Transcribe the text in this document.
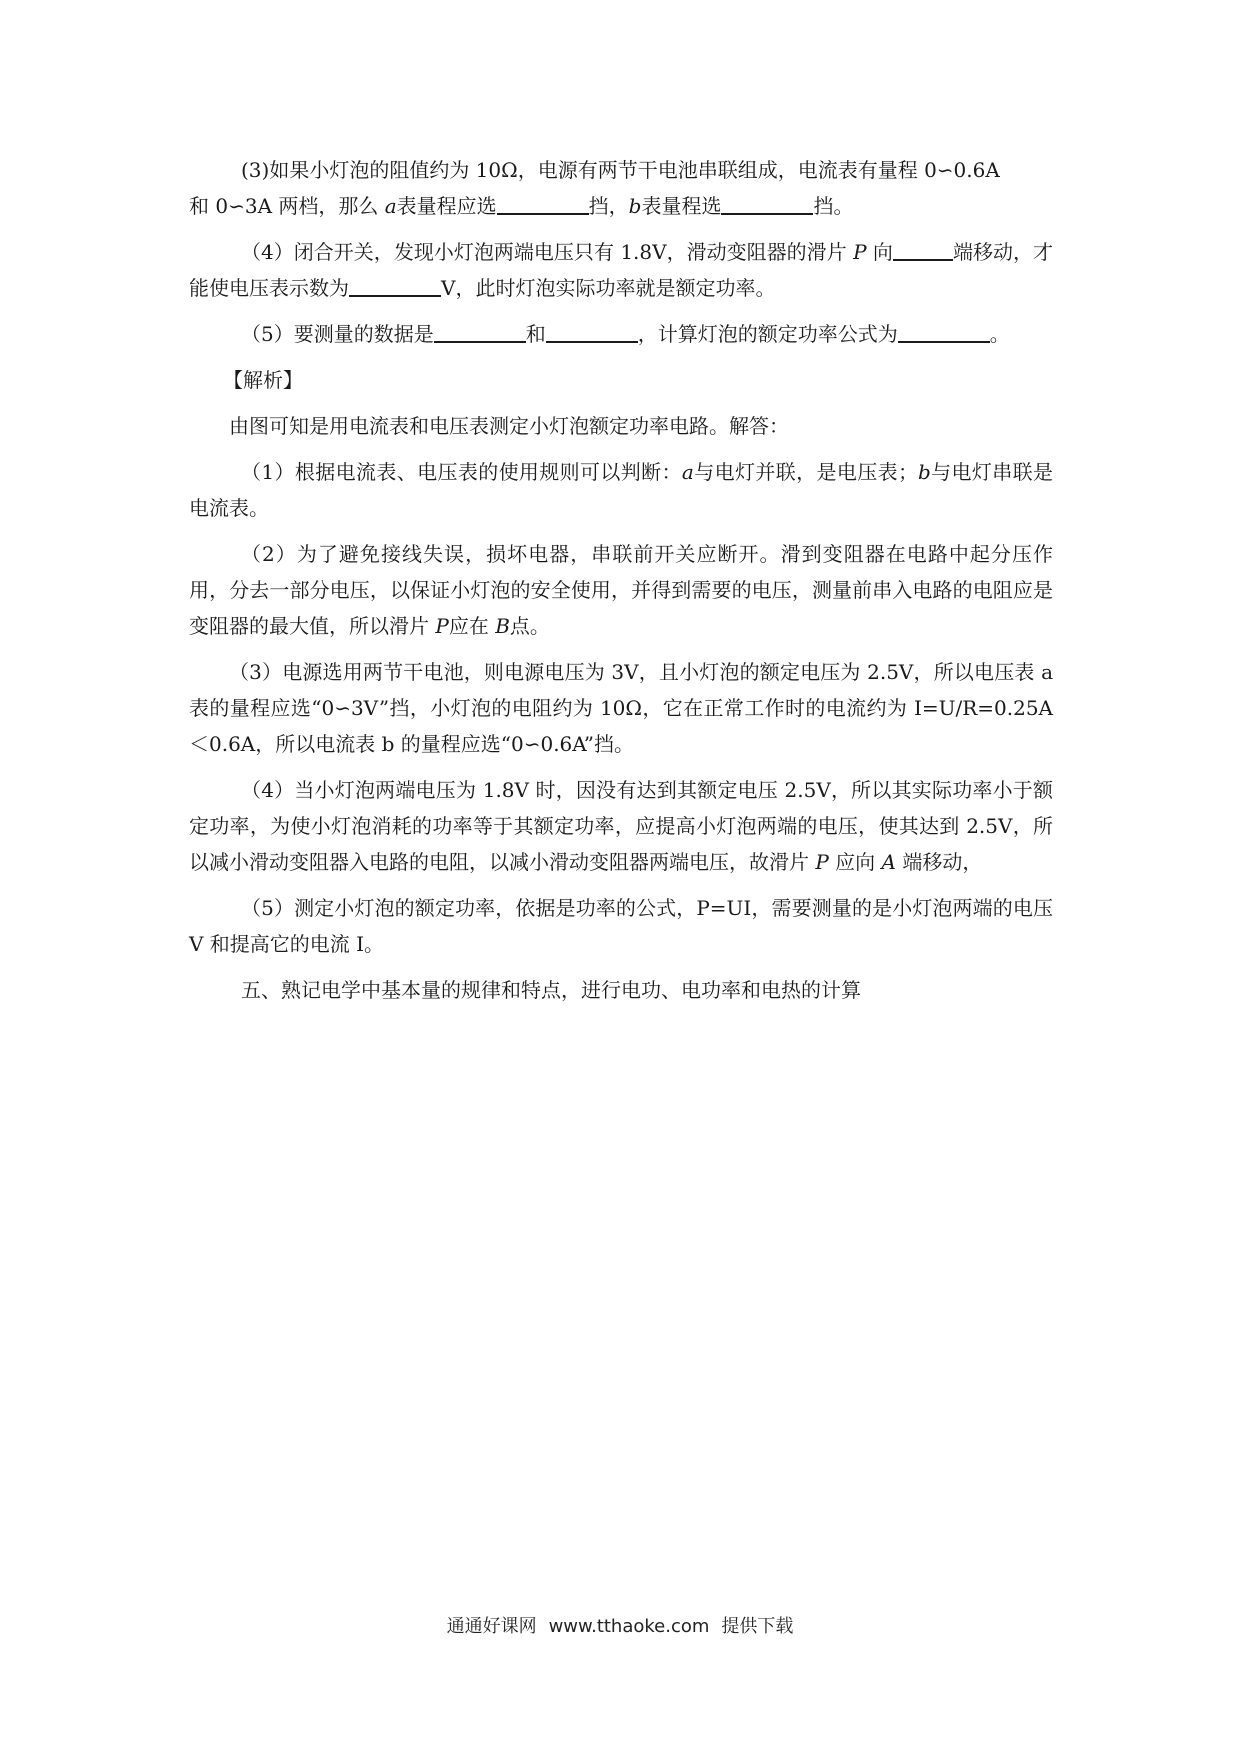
(3)如果小灯泡的阻值约为 10Ω，电源有两节干电池串联组成，电流表有量程 0∽0.6A
和 0∽3A 两档，那么 a表量程应选	挡，b表量程选	挡。

（4）闭合开关，发现小灯泡两端电压只有 1.8V，滑动变阻器的滑片 P 向	端移动，才能使电压表示数为	V，此时灯泡实际功率就是额定功率。

（5）要测量的数据是	和	，计算灯泡的额定功率公式为	。

【解析】

由图可知是用电流表和电压表测定小灯泡额定功率电路。解答：

（1）根据电流表、电压表的使用规则可以判断：a与电灯并联，是电压表；b与电灯串联是电流表。

（2）为了避免接线失误，损坏电器，串联前开关应断开。滑到变阻器在电路中起分压作用，分去一部分电压，以保证小灯泡的安全使用，并得到需要的电压，测量前串入电路的电阻应是变阻器的最大值，所以滑片 P应在 B点。

（3）电源选用两节干电池，则电源电压为 3V，且小灯泡的额定电压为 2.5V，所以电压表 a 表的量程应选“0∽3V”挡，小灯泡的电阻约为 10Ω，它在正常工作时的电流约为 I=U/R=0.25A＜0.6A，所以电流表 b 的量程应选“0∽0.6A”挡。

（4）当小灯泡两端电压为 1.8V 时，因没有达到其额定电压 2.5V，所以其实际功率小于额定功率，为使小灯泡消耗的功率等于其额定功率，应提高小灯泡两端的电压，使其达到 2.5V，所以减小滑动变阻器入电路的电阻，以减小滑动变阻器两端电压，故滑片 P 应向 A 端移动，

（5）测定小灯泡的额定功率，依据是功率的公式，P=UI，需要测量的是小灯泡两端的电压 V 和提高它的电流 I。

五、熟记电学中基本量的规律和特点，进行电功、电功率和电热的计算

通通好课网 www.tthaoke.com 提供下载
